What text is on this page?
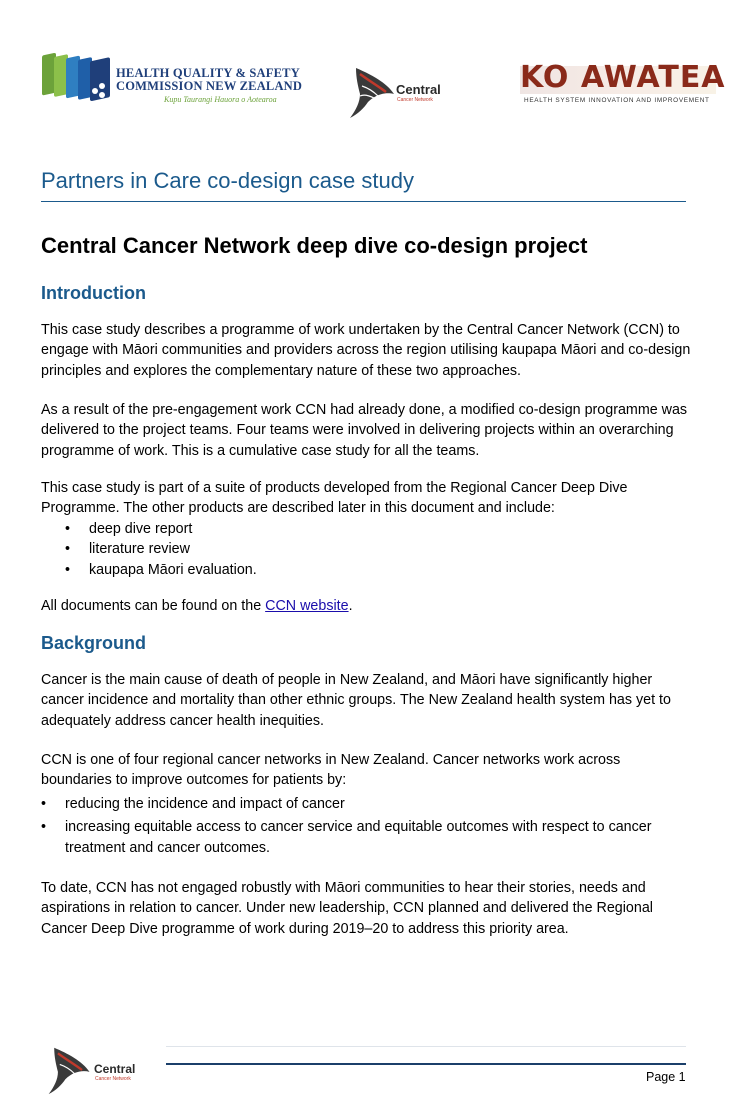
HEALTH QUALITY & SAFETY
COMMISSION NEW ZEALAND
Kupu Taurangi Hauora o Aotearoa
Central
Cancer Network
KO AWATEA
HEALTH SYSTEM INNOVATION AND IMPROVEMENT
Partners in Care co-design case study
Central Cancer Network deep dive co-design project
Introduction

This case study describes a programme of work undertaken by the Central Cancer Network (CCN) to engage with Māori communities and providers across the region utilising kaupapa Māori and co-design principles and explores the complementary nature of these two approaches.

As a result of the pre-engagement work CCN had already done, a modified co-design programme was delivered to the project teams. Four teams were involved in delivering projects within an overarching programme of work. This is a cumulative case study for all the teams.

This case study is part of a suite of products developed from the Regional Cancer Deep Dive Programme. The other products are described later in this document and include:

• deep dive report
• literature review
• kaupapa Māori evaluation.

All documents can be found on the CCN website.

Background

Cancer is the main cause of death of people in New Zealand, and Māori have significantly higher cancer incidence and mortality than other ethnic groups. The New Zealand health system has yet to adequately address cancer health inequities.

CCN is one of four regional cancer networks in New Zealand. Cancer networks work across boundaries to improve outcomes for patients by:

• reducing the incidence and impact of cancer
• increasing equitable access to cancer service and equitable outcomes with respect to cancer treatment and cancer outcomes.

To date, CCN has not engaged robustly with Māori communities to hear their stories, needs and aspirations in relation to cancer. Under new leadership, CCN planned and delivered the Regional Cancer Deep Dive programme of work during 2019–20 to address this priority area.

Central
Cancer Network	Page 1
